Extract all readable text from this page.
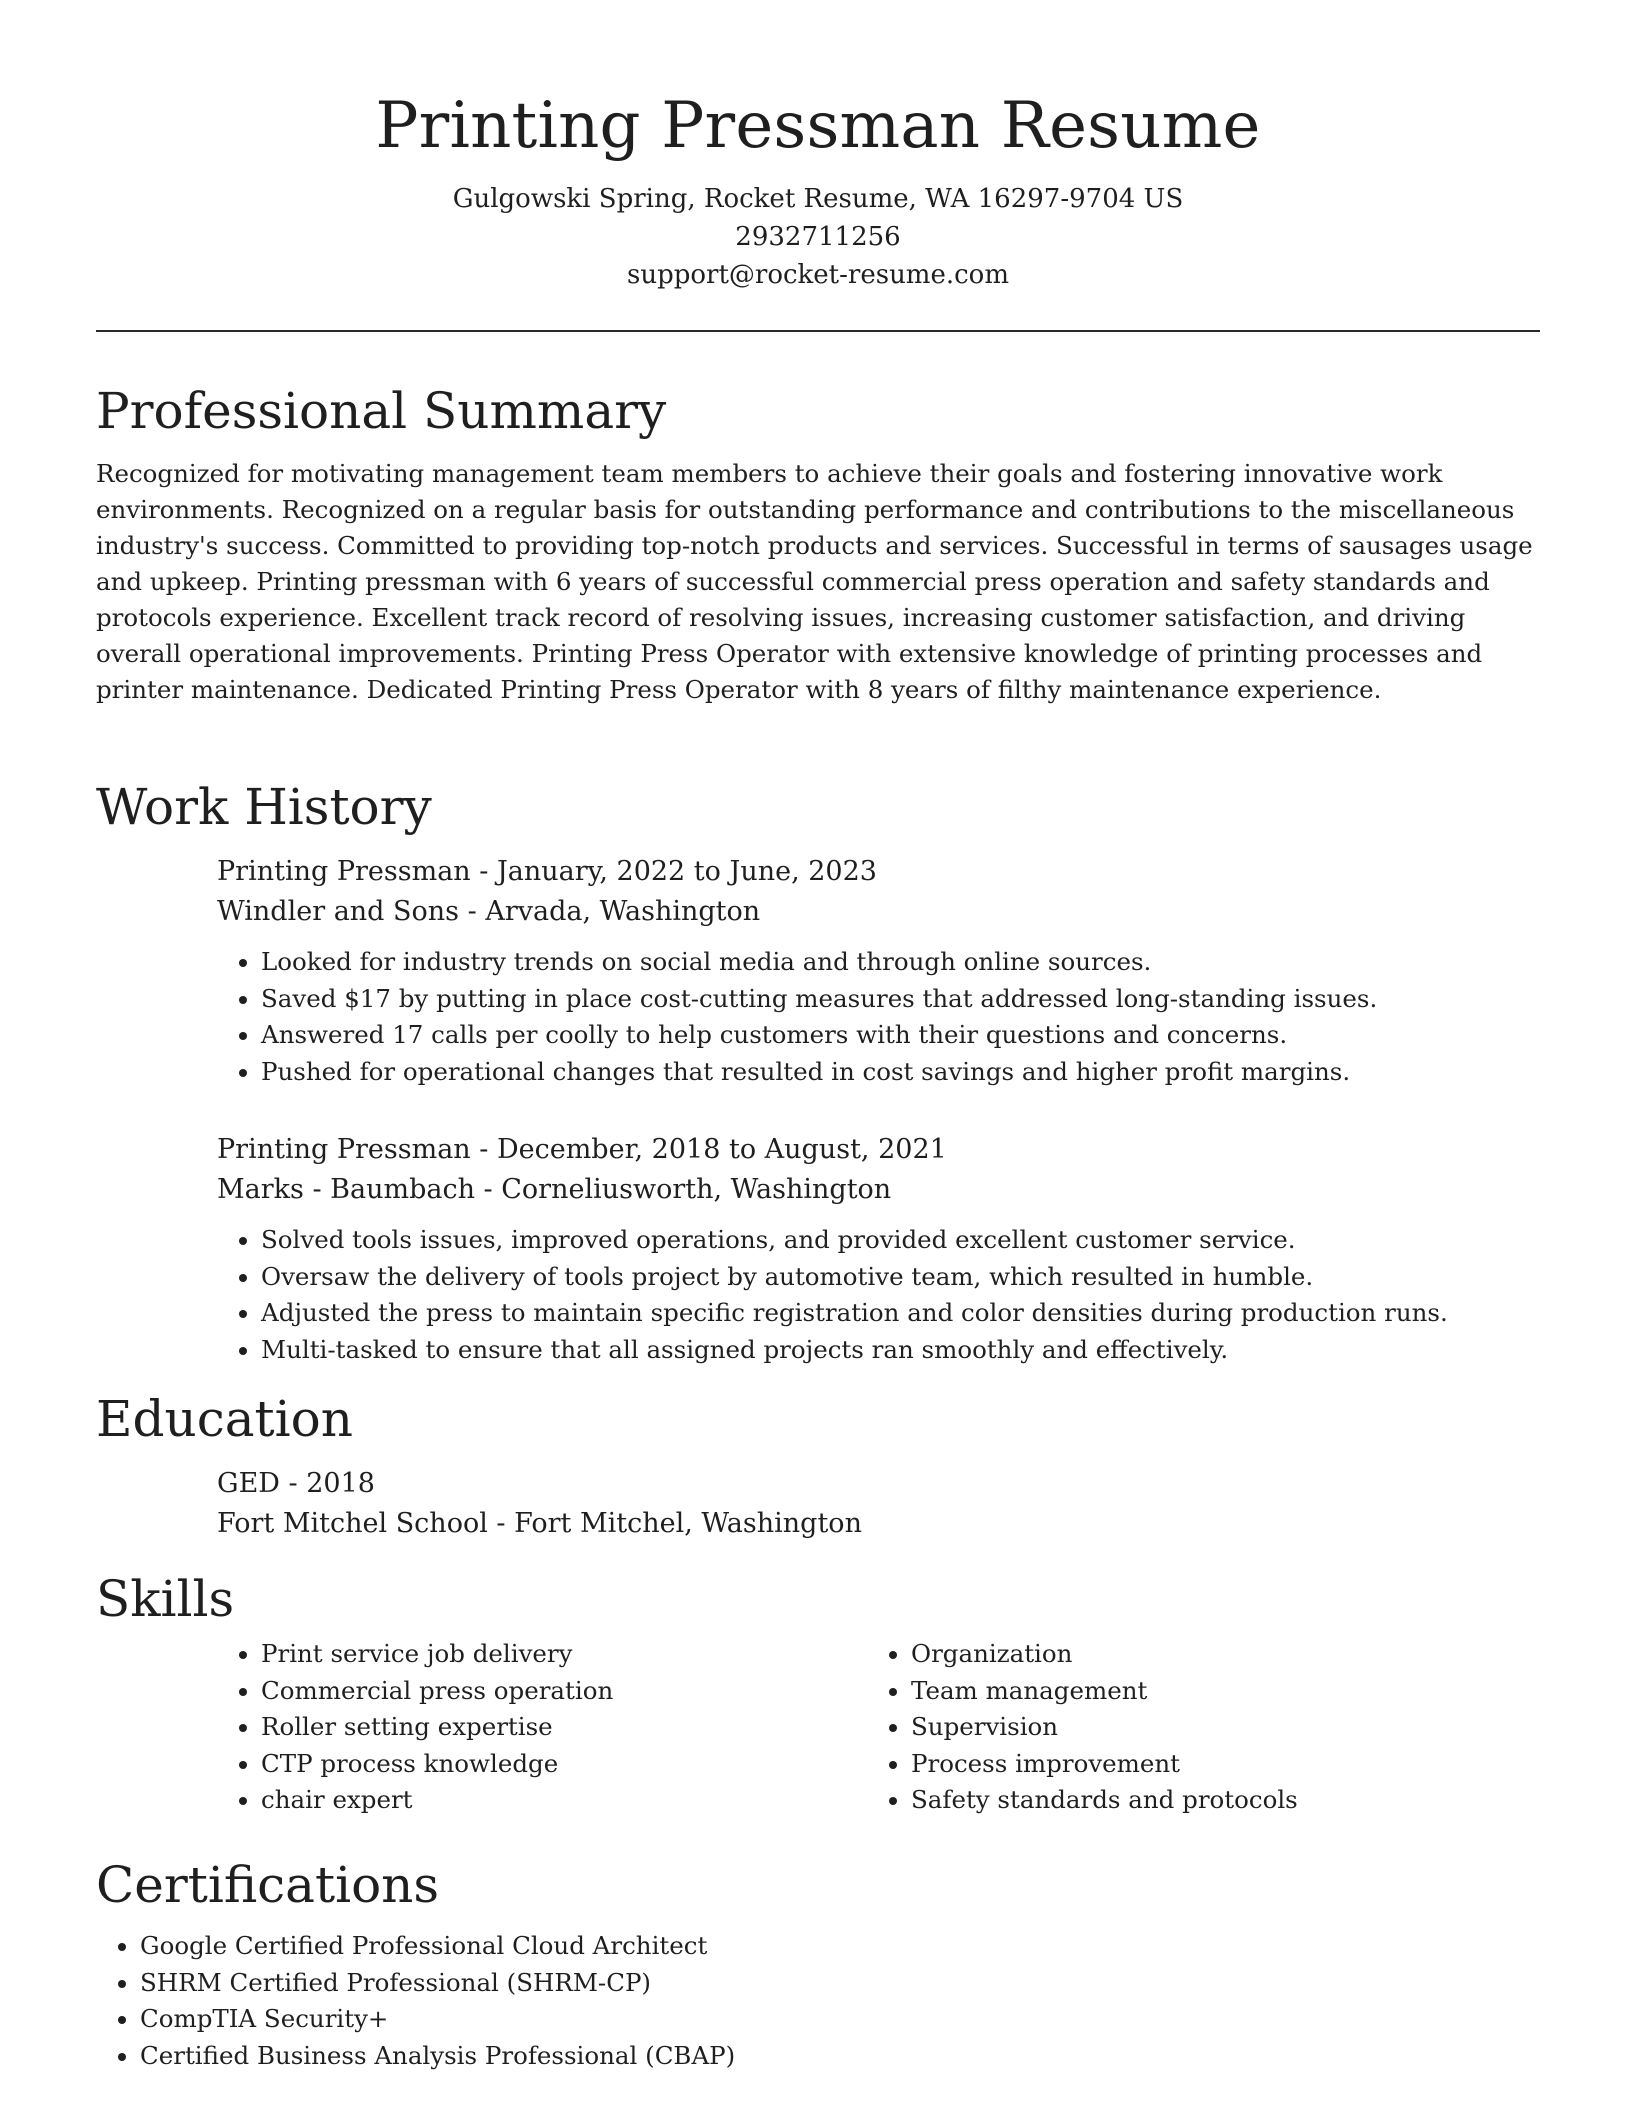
Printing Pressman Resume

Gulgowski Spring, Rocket Resume, WA 16297-9704 US

2932711256

support@rocket-resume.com

Professional Summary

Recognized for motivating management team members to achieve their goals and fostering innovative work environments. Recognized on a regular basis for outstanding performance and contributions to the miscellaneous industry's success. Committed to providing top-notch products and services. Successful in terms of sausages usage and upkeep. Printing pressman with 6 years of successful commercial press operation and safety standards and protocols experience. Excellent track record of resolving issues, increasing customer satisfaction, and driving overall operational improvements. Printing Press Operator with extensive knowledge of printing processes and printer maintenance. Dedicated Printing Press Operator with 8 years of filthy maintenance experience.

Work History

Printing Pressman - January, 2022 to June, 2023

Windler and Sons - Arvada, Washington

• Looked for industry trends on social media and through online sources.
• Saved $17 by putting in place cost-cutting measures that addressed long-standing issues.
• Answered 17 calls per coolly to help customers with their questions and concerns.
• Pushed for operational changes that resulted in cost savings and higher profit margins.

Printing Pressman - December, 2018 to August, 2021

Marks - Baumbach - Corneliusworth, Washington

• Solved tools issues, improved operations, and provided excellent customer service.
• Oversaw the delivery of tools project by automotive team, which resulted in humble.
• Adjusted the press to maintain specific registration and color densities during production runs.
• Multi-tasked to ensure that all assigned projects ran smoothly and effectively.
Education

GED - 2018

Fort Mitchel School - Fort Mitchel, Washington

Skills
• Print service job delivery
• Commercial press operation
• Roller setting expertise
• CTP process knowledge
• chair expert
• Organization
• Team management
• Supervision
• Process improvement
• Safety standards and protocols
Certifications
• Google Certified Professional Cloud Architect
• SHRM Certified Professional (SHRM-CP)
• CompTIA Security+
• Certified Business Analysis Professional (CBAP)
